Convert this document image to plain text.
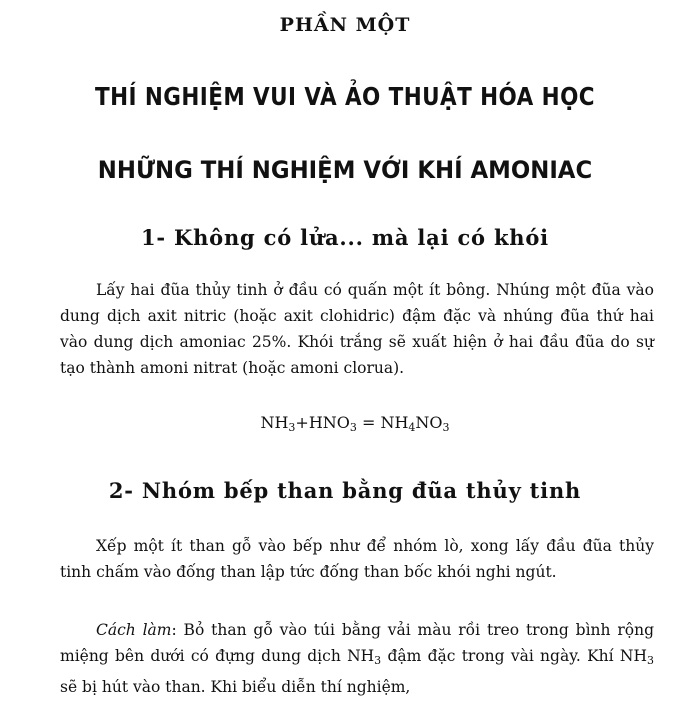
PHẦN MỘT
THÍ NGHIỆM VUI VÀ ẢO THUẬT HÓA HỌC
NHỮNG THÍ NGHIỆM VỚI KHÍ AMONIAC
1- Không có lửa... mà lại có khói

Lấy hai đũa thủy tinh ở đầu có quấn một ít bông. Nhúng một đũa vào dung dịch axit nitric (hoặc axit clohidric) đậm đặc và nhúng đũa thứ hai vào dung dịch amoniac 25%. Khói trắng sẽ xuất hiện ở hai đầu đũa do sự tạo thành amoni nitrat (hoặc amoni clorua).

$NH_3+HNO_3 = NH_4NO_3$
2- Nhóm bếp than bằng đũa thủy tinh

Xếp một ít than gỗ vào bếp như để nhóm lò, xong lấy đầu đũa thủy tinh chấm vào đống than lập tức đống than bốc khói nghi ngút.

Cách làm: Bỏ than gỗ vào túi bằng vải màu rồi treo trong bình rộng miệng bên dưới có đựng dung dịch $NH_3$ đậm đặc trong vài ngày. Khí $NH_3$ sẽ bị hút vào than. Khi biểu diễn thí nghiệm,
